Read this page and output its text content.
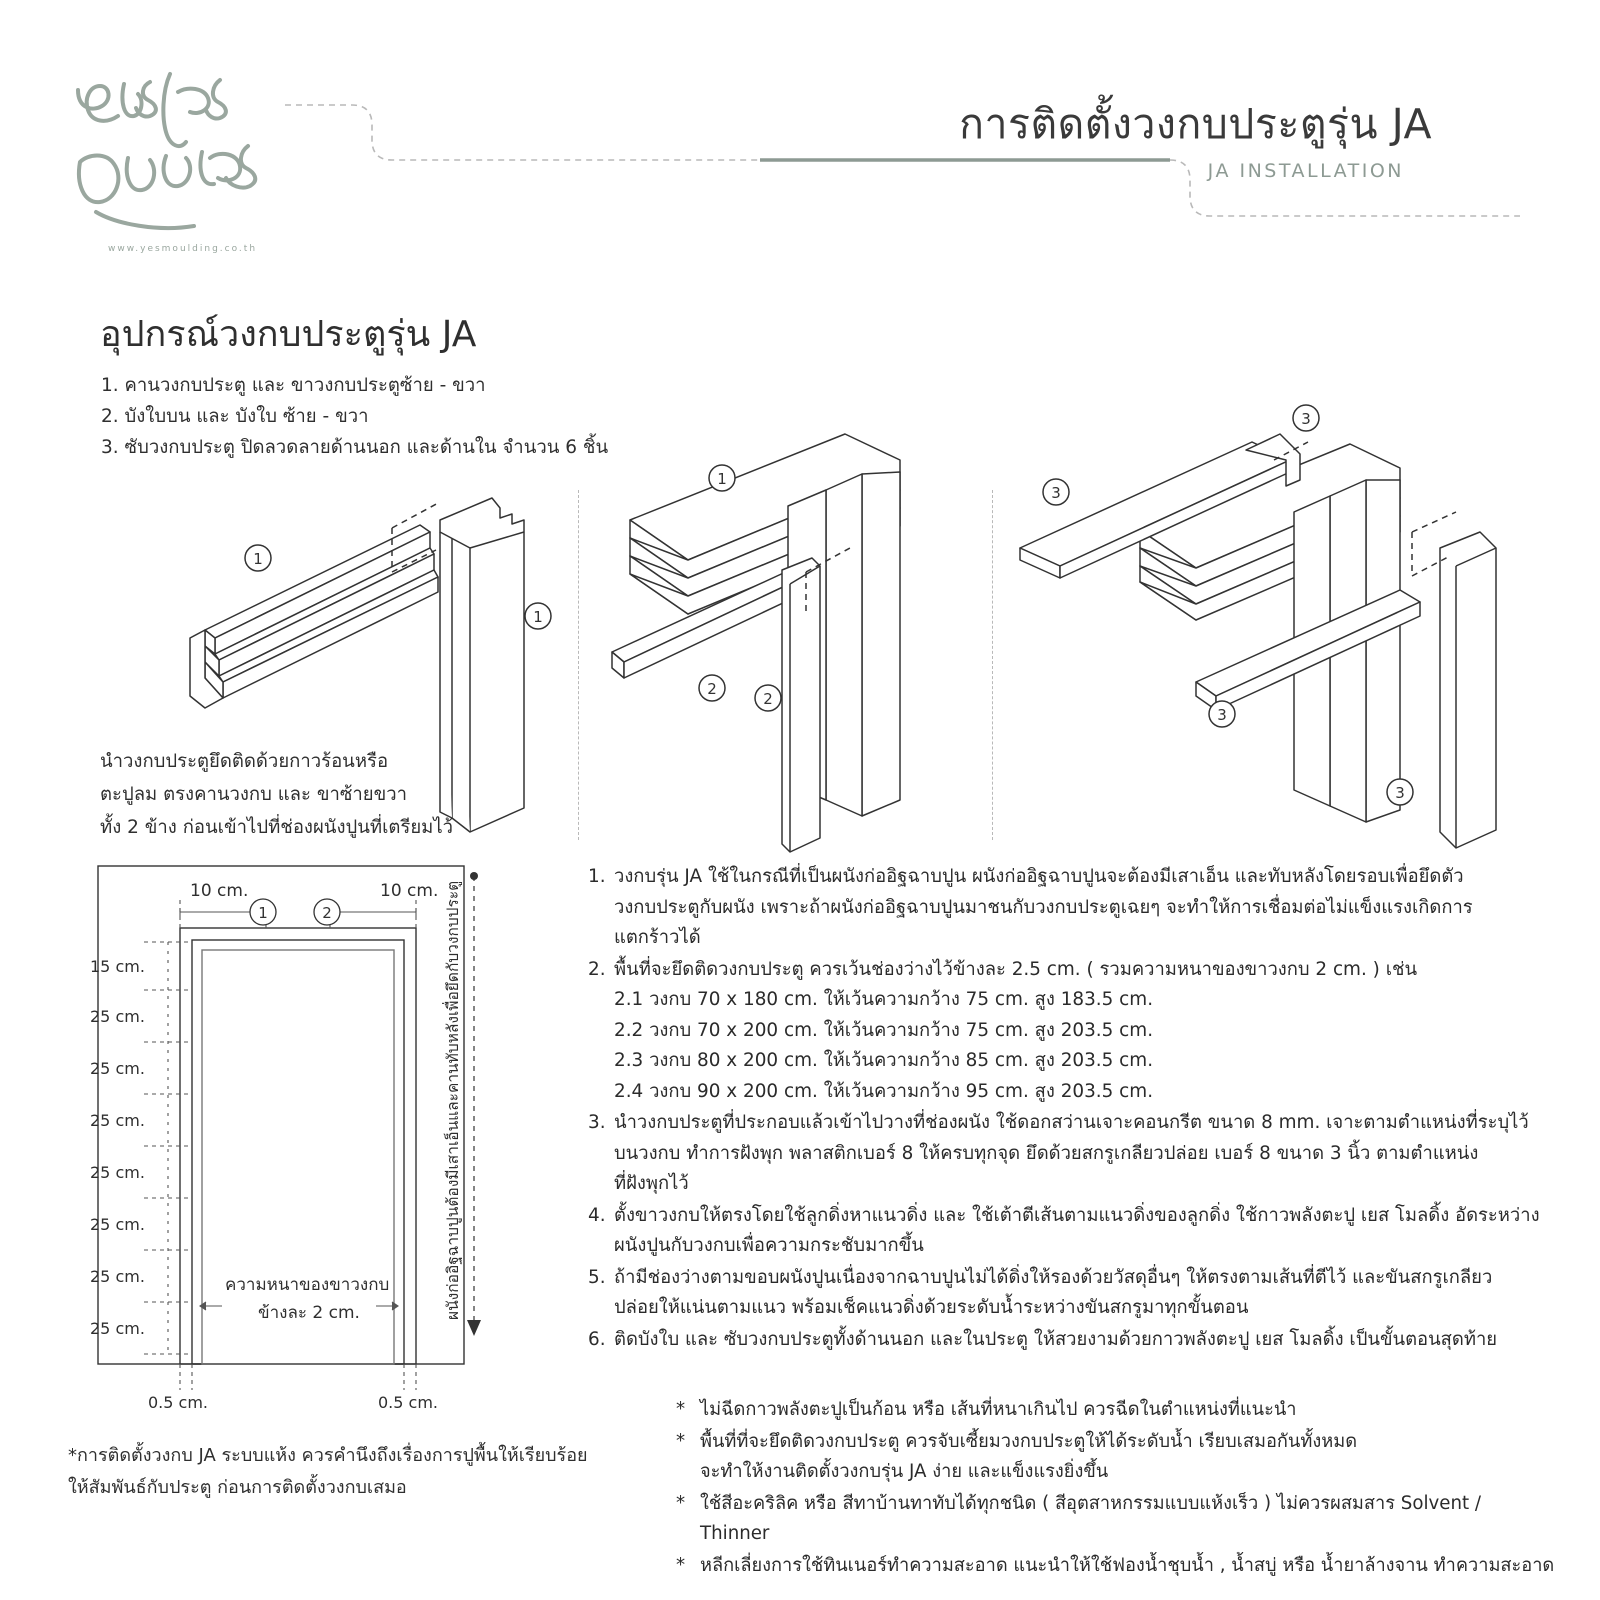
www.yesmoulding.co.th
การติดตั้งวงกบประตูรุ่น JA
JA INSTALLATION
อุปกรณ์วงกบประตูรุ่น JA
1. คานวงกบประตู และ ขาวงกบประตูซ้าย - ขวา
2. บังใบบน และ บังใบ ซ้าย - ขวา
3. ซับวงกบประตู ปิดลวดลายด้านนอก และด้านใน จำนวน 6 ชิ้น
1
1
1
2
2
3
3
3
3
นำวงกบประตูยึดติดด้วยกาวร้อนหรือ
ตะปูลม ตรงคานวงกบ และ ขาซ้ายขวา
ทั้ง 2 ข้าง ก่อนเข้าไปที่ช่องผนังปูนที่เตรียมไว้
10 cm.	10 cm.
1	2
15 cm.
25 cm.
25 cm.
25 cm.
25 cm.
25 cm.
25 cm.
25 cm.
0.5 cm.	0.5 cm.
ความหนาของขาวงกบ
ข้างละ 2 cm.	ผนังก่ออิฐฉาบปูนต้องมีเสาเอ็นและคานทับหลังเพื่อยึดกับวงกบประตู
*การติดตั้งวงกบ JA ระบบแห้ง ควรคำนึงถึงเรื่องการปูพื้นให้เรียบร้อย
ให้สัมพันธ์กับประตู ก่อนการติดตั้งวงกบเสมอ
1. วงกบรุ่น JA ใช้ในกรณีที่เป็นผนังก่ออิฐฉาบปูน ผนังก่ออิฐฉาบปูนจะต้องมีเสาเอ็น และทับหลังโดยรอบเพื่อยึดตัว
วงกบประตูกับผนัง เพราะถ้าผนังก่ออิฐฉาบปูนมาชนกับวงกบประตูเฉยๆ จะทำให้การเชื่อมต่อไม่แข็งแรงเกิดการ
แตกร้าวได้
2. พื้นที่จะยึดติดวงกบประตู ควรเว้นช่องว่างไว้ข้างละ 2.5 cm. ( รวมความหนาของขาวงกบ 2 cm. ) เช่น
2.1 วงกบ 70 x 180 cm. ให้เว้นความกว้าง 75 cm. สูง 183.5 cm.
2.2 วงกบ 70 x 200 cm. ให้เว้นความกว้าง 75 cm. สูง 203.5 cm.
2.3 วงกบ 80 x 200 cm. ให้เว้นความกว้าง 85 cm. สูง 203.5 cm.
2.4 วงกบ 90 x 200 cm. ให้เว้นความกว้าง 95 cm. สูง 203.5 cm.
3. นำวงกบประตูที่ประกอบแล้วเข้าไปวางที่ช่องผนัง ใช้ดอกสว่านเจาะคอนกรีต ขนาด 8 mm. เจาะตามตำแหน่งที่ระบุไว้
บนวงกบ ทำการฝังพุก พลาสติกเบอร์ 8 ให้ครบทุกจุด ยึดด้วยสกรูเกลียวปล่อย เบอร์ 8 ขนาด 3 นิ้ว ตามตำแหน่ง
ที่ฝังพุกไว้
4. ตั้งขาวงกบให้ตรงโดยใช้ลูกดิ่งหาแนวดิ่ง และ ใช้เต้าตีเส้นตามแนวดิ่งของลูกดิ่ง ใช้กาวพลังตะปู เยส โมลดิ้ง อัดระหว่าง
ผนังปูนกับวงกบเพื่อความกระชับมากขึ้น
5. ถ้ามีช่องว่างตามขอบผนังปูนเนื่องจากฉาบปูนไม่ได้ดิ่งให้รองด้วยวัสดุอื่นๆ ให้ตรงตามเส้นที่ตีไว้ และขันสกรูเกลียว
ปล่อยให้แน่นตามแนว พร้อมเช็คแนวดิ่งด้วยระดับน้ำระหว่างขันสกรูมาทุกขั้นตอน
6. ติดบังใบ และ ซับวงกบประตูทั้งด้านนอก และในประตู ให้สวยงามด้วยกาวพลังตะปู เยส โมลดิ้ง เป็นขั้นตอนสุดท้าย
* ไม่ฉีดกาวพลังตะปูเป็นก้อน หรือ เส้นที่หนาเกินไป ควรฉีดในตำแหน่งที่แนะนำ
* พื้นที่ที่จะยึดติดวงกบประตู ควรจับเซี้ยมวงกบประตูให้ได้ระดับน้ำ เรียบเสมอกันทั้งหมด
จะทำให้งานติดตั้งวงกบรุ่น JA ง่าย และแข็งแรงยิ่งขึ้น
* ใช้สีอะคริลิค หรือ สีทาบ้านทาทับได้ทุกชนิด ( สีอุตสาหกรรมแบบแห้งเร็ว ) ไม่ควรผสมสาร Solvent / Thinner
* หลีกเลี่ยงการใช้ทินเนอร์ทำความสะอาด แนะนำให้ใช้ฟองน้ำชุบน้ำ , น้ำสบู่ หรือ น้ำยาล้างจาน ทำความสะอาด
